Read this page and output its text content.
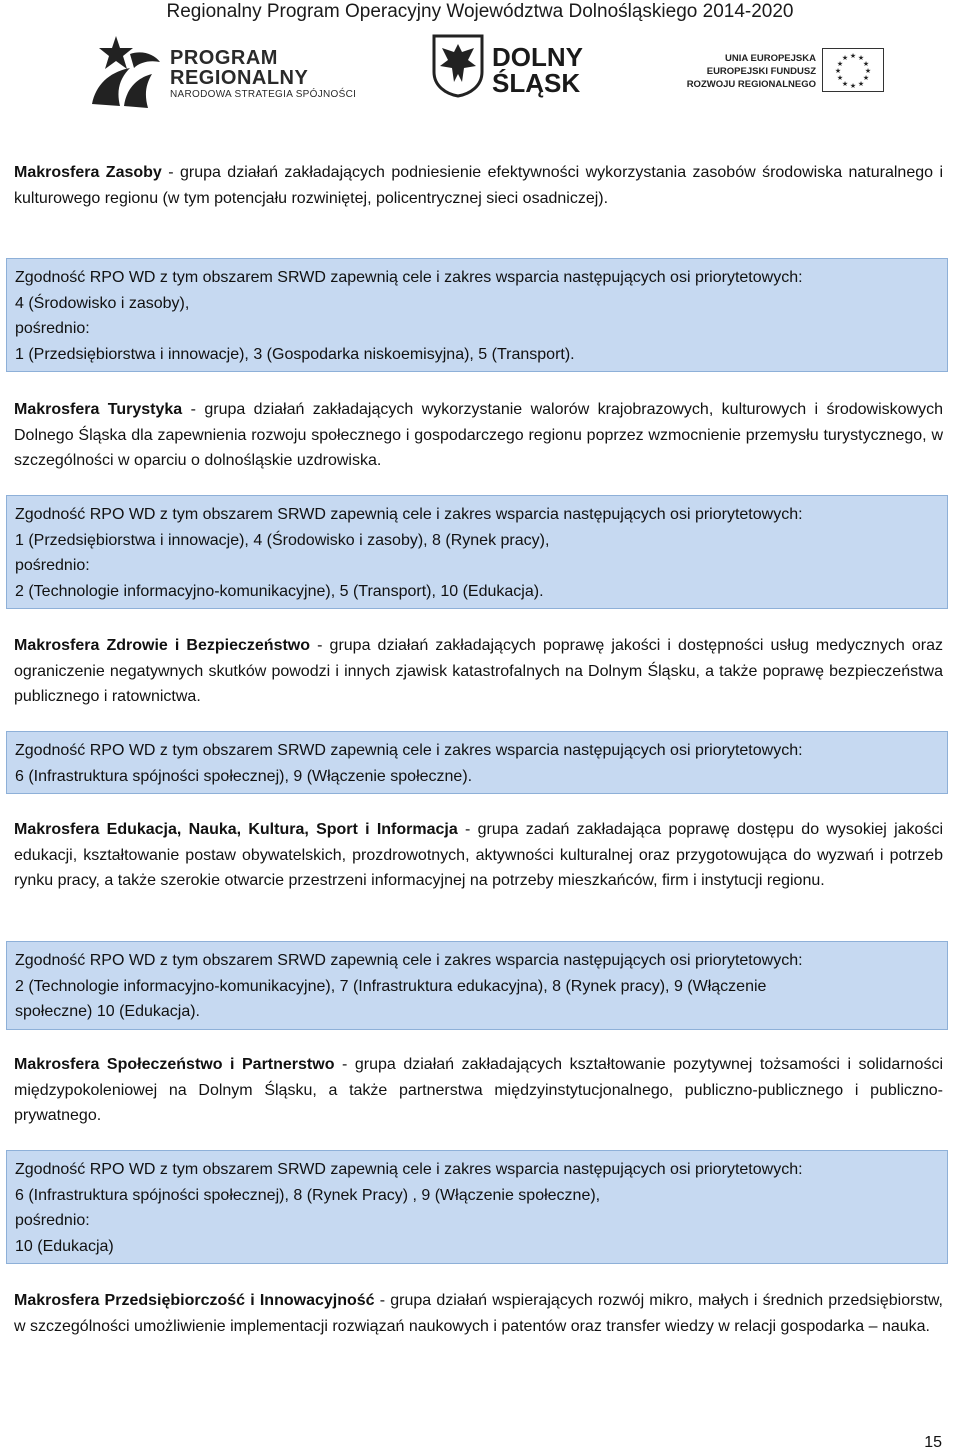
Regionalny Program Operacyjny Województwa Dolnośląskiego 2014-2020
PROGRAM
REGIONALNY
NARODOWA STRATEGIA SPÓJNOŚCI
DOLNY
ŚLĄSK
UNIA EUROPEJSKA
EUROPEJSKI FUNDUSZ
ROZWOJU REGIONALNEGO
★ ★
★
★
★
★
★
★
★
★
★
★
Makrosfera Zasoby - grupa działań zakładających podniesienie efektywności wykorzystania zasobów środowiska naturalnego i kulturowego regionu (w tym potencjału rozwiniętej, policentrycznej sieci osadniczej).
Zgodność RPO WD z tym obszarem SRWD zapewnią cele i zakres wsparcia następujących osi priorytetowych:
4 (Środowisko i zasoby),
pośrednio:
1 (Przedsiębiorstwa i innowacje), 3 (Gospodarka niskoemisyjna), 5 (Transport).
Makrosfera Turystyka - grupa działań zakładających wykorzystanie walorów krajobrazowych, kulturowych i środowiskowych Dolnego Śląska dla zapewnienia rozwoju społecznego i gospodarczego regionu poprzez wzmocnienie przemysłu turystycznego, w szczególności w oparciu o dolnośląskie uzdrowiska.
Zgodność RPO WD z tym obszarem SRWD zapewnią cele i zakres wsparcia następujących osi priorytetowych:
1 (Przedsiębiorstwa i innowacje), 4 (Środowisko i zasoby), 8 (Rynek pracy),
pośrednio:
2 (Technologie informacyjno-komunikacyjne), 5 (Transport), 10 (Edukacja).
Makrosfera Zdrowie i Bezpieczeństwo - grupa działań zakładających poprawę jakości i dostępności usług medycznych oraz ograniczenie negatywnych skutków powodzi i innych zjawisk katastrofalnych na Dolnym Śląsku, a także poprawę bezpieczeństwa publicznego i ratownictwa.
Zgodność RPO WD z tym obszarem SRWD zapewnią cele i zakres wsparcia następujących osi priorytetowych:
6 (Infrastruktura spójności społecznej), 9 (Włączenie społeczne).
Makrosfera Edukacja, Nauka, Kultura, Sport i Informacja - grupa zadań zakładająca poprawę dostępu do wysokiej jakości edukacji, kształtowanie postaw obywatelskich, prozdrowotnych, aktywności kulturalnej oraz przygotowująca do wyzwań i potrzeb rynku pracy, a także szerokie otwarcie przestrzeni informacyjnej na potrzeby mieszkańców, firm i instytucji regionu.
Zgodność RPO WD z tym obszarem SRWD zapewnią cele i zakres wsparcia następujących osi priorytetowych:
2 (Technologie informacyjno-komunikacyjne), 7 (Infrastruktura edukacyjna), 8 (Rynek pracy), 9 (Włączenie
społeczne) 10 (Edukacja).
Makrosfera Społeczeństwo i Partnerstwo - grupa działań zakładających kształtowanie pozytywnej tożsamości i solidarności międzypokoleniowej na Dolnym Śląsku, a także partnerstwa międzyinstytucjonalnego, publiczno-publicznego i publiczno-prywatnego.
Zgodność RPO WD z tym obszarem SRWD zapewnią cele i zakres wsparcia następujących osi priorytetowych:
6 (Infrastruktura spójności społecznej), 8 (Rynek Pracy) , 9 (Włączenie społeczne),
pośrednio:
10 (Edukacja)
Makrosfera Przedsiębiorczość i Innowacyjność - grupa działań wspierających rozwój mikro, małych i średnich przedsiębiorstw, w szczególności umożliwienie implementacji rozwiązań naukowych i patentów oraz transfer wiedzy w relacji gospodarka – nauka.
15
